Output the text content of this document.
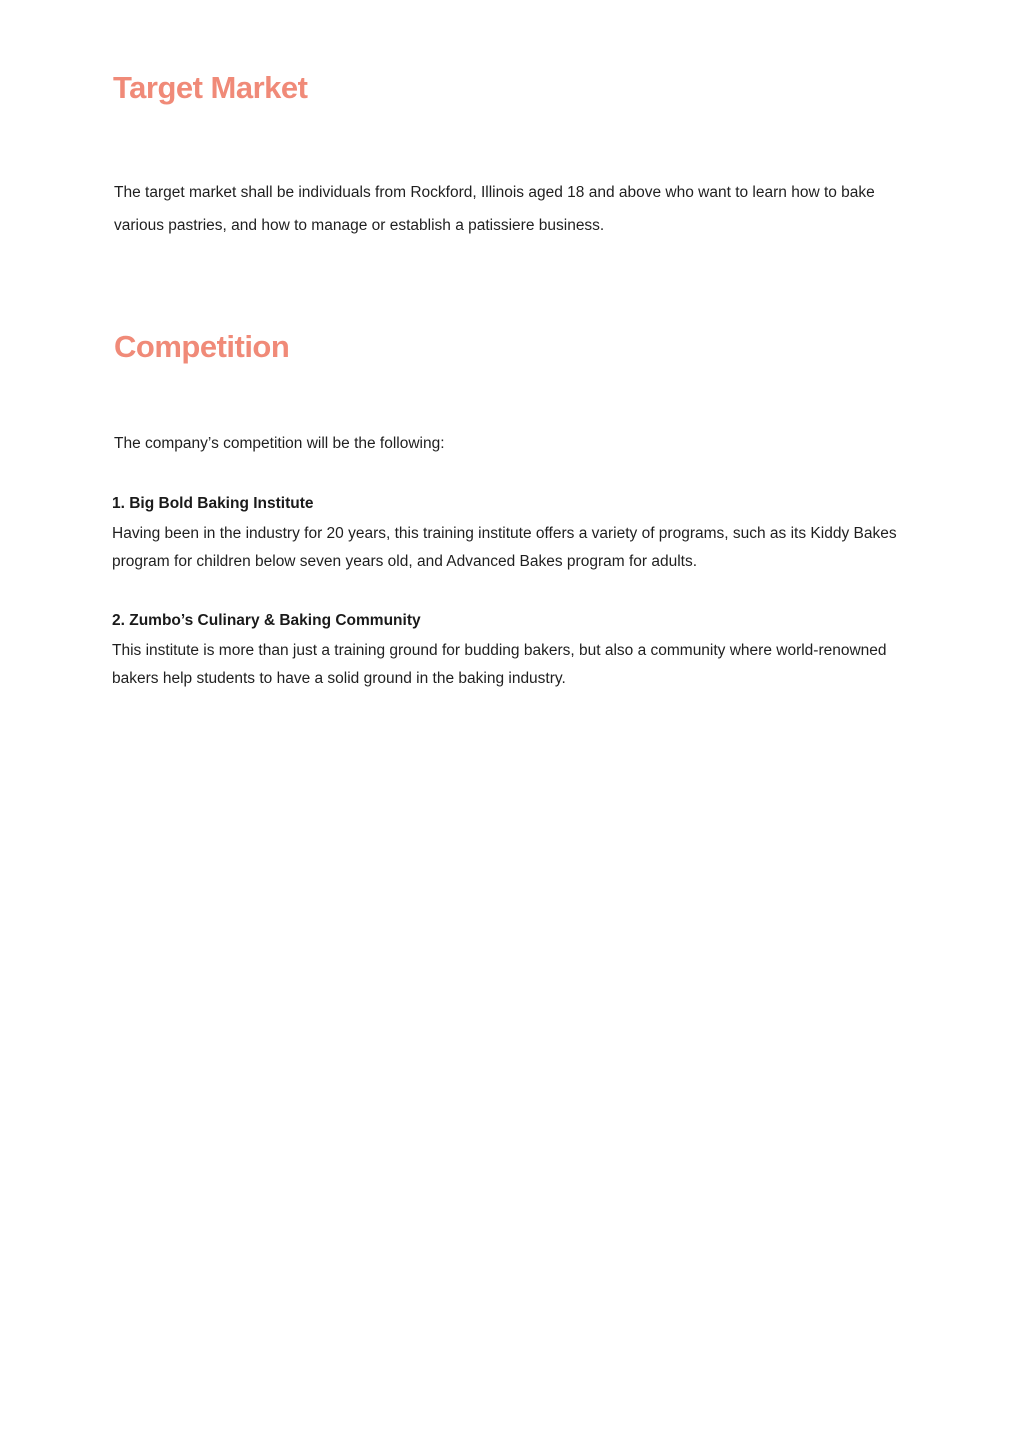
Target Market

The target market shall be individuals from Rockford, Illinois aged 18 and above who want to learn how to bake various pastries, and how to manage or establish a patissiere business.

Competition

The company’s competition will be the following:

1. Big Bold Baking Institute

Having been in the industry for 20 years, this training institute offers a variety of programs, such as its Kiddy Bakes program for children below seven years old, and Advanced Bakes program for adults.

2. Zumbo’s Culinary & Baking Community

This institute is more than just a training ground for budding bakers, but also a community where world-renowned bakers help students to have a solid ground in the baking industry.
